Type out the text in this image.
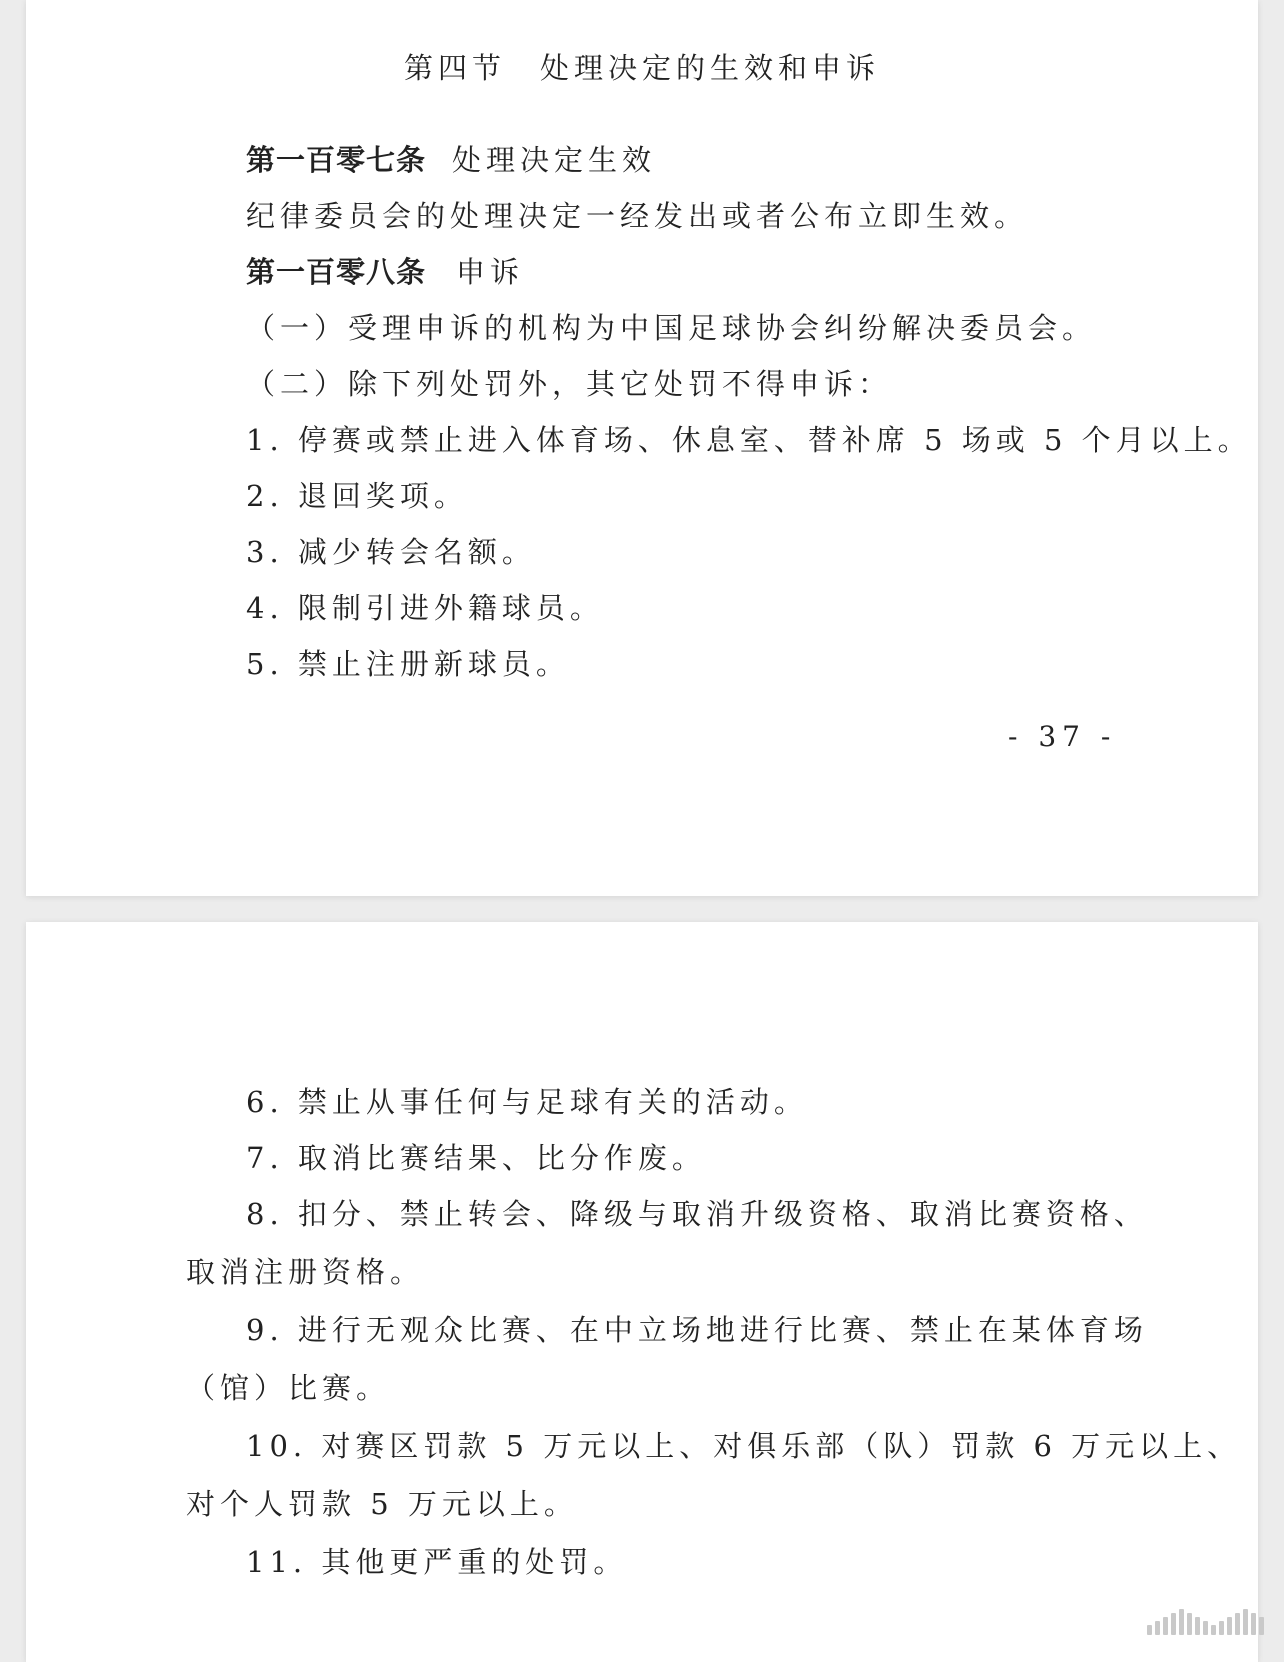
第四节　处理决定的生效和申诉
第一百零七条 处理决定生效
纪律委员会的处理决定一经发出或者公布立即生效。
第一百零八条 申诉
（一）受理申诉的机构为中国足球协会纠纷解决委员会。
（二）除下列处罚外，其它处罚不得申诉：
1. 停赛或禁止进入体育场、休息室、替补席 5 场或 5 个月以上。
2. 退回奖项。
3. 减少转会名额。
4. 限制引进外籍球员。
5. 禁止注册新球员。
- 37 -
6. 禁止从事任何与足球有关的活动。
7. 取消比赛结果、比分作废。
8. 扣分、禁止转会、降级与取消升级资格、取消比赛资格、
取消注册资格。
9. 进行无观众比赛、在中立场地进行比赛、禁止在某体育场
（馆）比赛。
10. 对赛区罚款 5 万元以上、对俱乐部（队）罚款 6 万元以上、
对个人罚款 5 万元以上。
11. 其他更严重的处罚。
